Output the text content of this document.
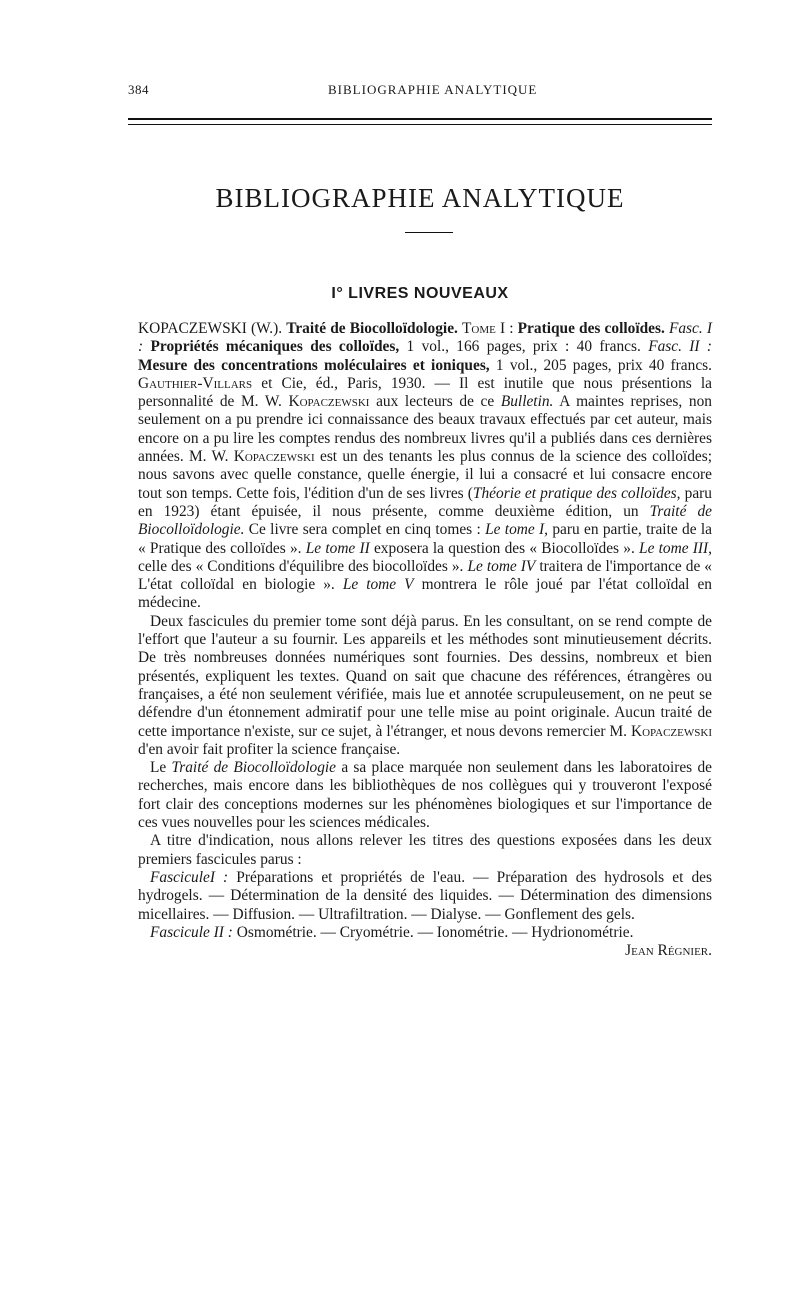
384	BIBLIOGRAPHIE ANALYTIQUE
BIBLIOGRAPHIE ANALYTIQUE
I° LIVRES NOUVEAUX

KOPACZEWSKI (W.). Traité de Biocolloïdologie. Tome I : Pratique des colloïdes. Fasc. I : Propriétés mécaniques des colloïdes, 1 vol., 166 pages, prix : 40 francs. Fasc. II : Mesure des concentrations moléculaires et ioniques, 1 vol., 205 pages, prix 40 francs. Gauthier-Villars et Cie, éd., Paris, 1930. — Il est inutile que nous présentions la personnalité de M. W. Kopaczewski aux lecteurs de ce Bulletin. A maintes reprises, non seulement on a pu prendre ici connaissance des beaux travaux effectués par cet auteur, mais encore on a pu lire les comptes rendus des nombreux livres qu'il a publiés dans ces dernières années. M. W. Kopaczewski est un des tenants les plus connus de la science des colloïdes; nous savons avec quelle constance, quelle énergie, il lui a consacré et lui consacre encore tout son temps. Cette fois, l'édition d'un de ses livres (Théorie et pratique des colloïdes, paru en 1923) étant épuisée, il nous présente, comme deuxième édition, un Traité de Biocolloïdologie. Ce livre sera complet en cinq tomes : Le tome I, paru en partie, traite de la « Pratique des colloïdes ». Le tome II exposera la question des « Biocolloïdes ». Le tome III, celle des « Conditions d'équilibre des biocolloïdes ». Le tome IV traitera de l'importance de « L'état colloïdal en biologie ». Le tome V montrera le rôle joué par l'état colloïdal en médecine.

Deux fascicules du premier tome sont déjà parus. En les consultant, on se rend compte de l'effort que l'auteur a su fournir. Les appareils et les méthodes sont minutieusement décrits. De très nombreuses données numériques sont fournies. Des dessins, nombreux et bien présentés, expliquent les textes. Quand on sait que chacune des références, étrangères ou françaises, a été non seulement vérifiée, mais lue et annotée scrupuleusement, on ne peut se défendre d'un étonnement admiratif pour une telle mise au point originale. Aucun traité de cette importance n'existe, sur ce sujet, à l'étranger, et nous devons remercier M. Kopaczewski d'en avoir fait profiter la science française.

Le Traité de Biocolloïdologie a sa place marquée non seulement dans les laboratoires de recherches, mais encore dans les bibliothèques de nos collègues qui y trouveront l'exposé fort clair des conceptions modernes sur les phénomènes biologiques et sur l'importance de ces vues nouvelles pour les sciences médicales.

A titre d'indication, nous allons relever les titres des questions exposées dans les deux premiers fascicules parus :

FasciculeI : Préparations et propriétés de l'eau. — Préparation des hydrosols et des hydrogels. — Détermination de la densité des liquides. — Détermination des dimensions micellaires. — Diffusion. — Ultrafiltration. — Dialyse. — Gonflement des gels.

Fascicule II : Osmométrie. — Cryométrie. — Ionométrie. — Hydrionométrie.

Jean Régnier.
